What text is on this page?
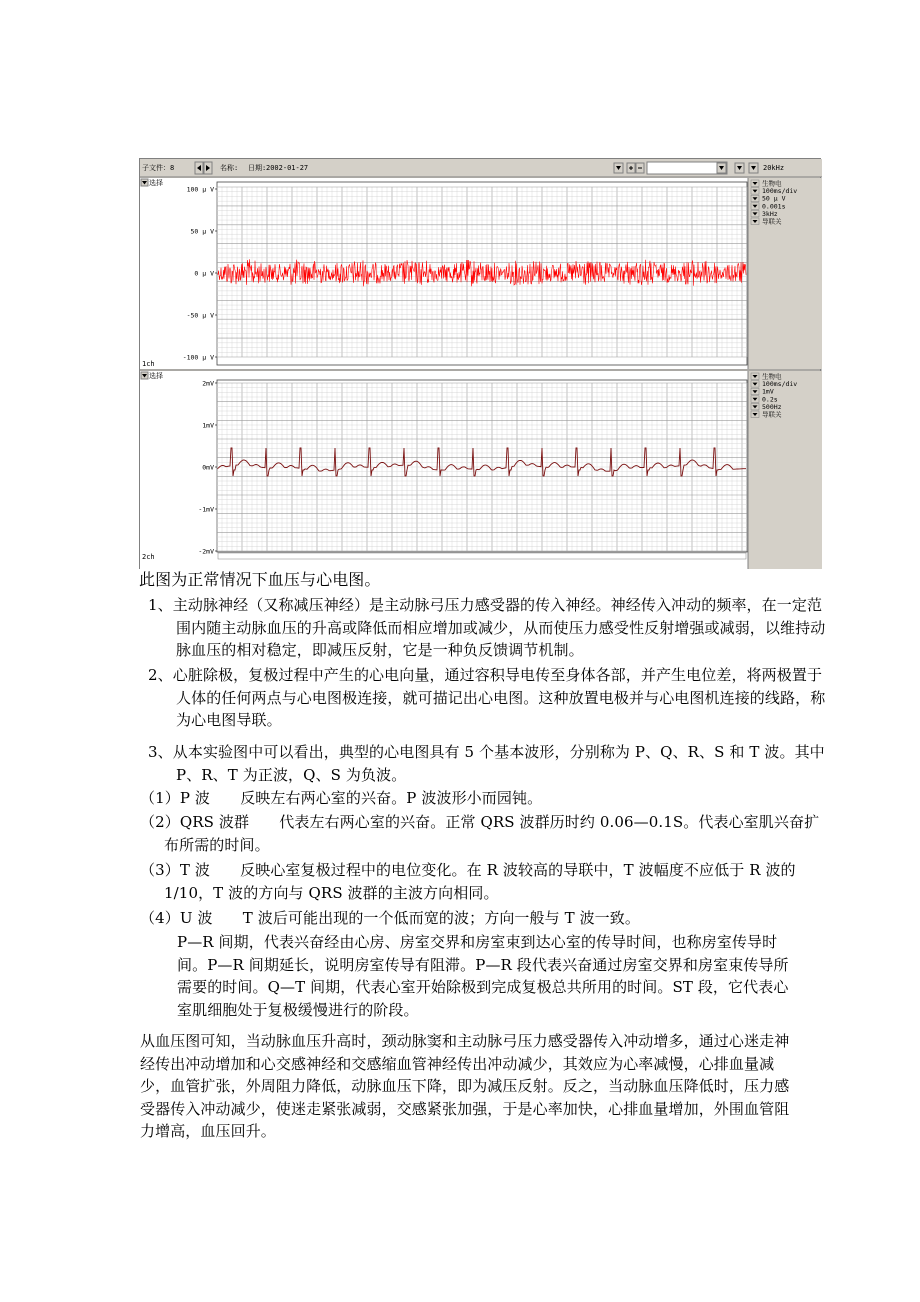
子文件：8	名称: 日期: 2002-01-27	20kHz
选择
1ch
100 μ V
50 μ V
0 μ V
-50 μ V
-100 μ V
生物电
100ms/div
50 μ V
0.001s
3kHz
导联关
选择
2ch
2mV
1mV
0mV
-1mV
-2mV
生物电
100ms/div
1mV
0.2s
500Hz
导联关
此图为正常情况下血压与心电图。
1、主动脉神经（又称减压神经）是主动脉弓压力感受器的传入神经。神经传入冲动的频率，在一定范围内随主动脉血压的升高或降低而相应增加或减少，从而使压力感受性反射增强或减弱，以维持动脉血压的相对稳定，即减压反射，它是一种负反馈调节机制。
2、心脏除极，复极过程中产生的心电向量，通过容积导电传至身体各部，并产生电位差，将两极置于人体的任何两点与心电图极连接，就可描记出心电图。这种放置电极并与心电图机连接的线路，称为心电图导联。
3、从本实验图中可以看出，典型的心电图具有 5 个基本波形，分别称为 P、Q、R、S 和 T 波。其中 P、R、T 为正波，Q、S 为负波。
（1）P 波　　反映左右两心室的兴奋。P 波波形小而园钝。
（2）QRS 波群　　代表左右两心室的兴奋。正常 QRS 波群历时约 0.06—0.1S。代表心室肌兴奋扩布所需的时间。
（3）T 波　　反映心室复极过程中的电位变化。在 R 波较高的导联中，T 波幅度不应低于 R 波的 1/10，T 波的方向与 QRS 波群的主波方向相同。
（4）U 波　　T 波后可能出现的一个低而宽的波；方向一般与 T 波一致。
P—R 间期，代表兴奋经由心房、房室交界和房室束到达心室的传导时间，也称房室传导时间。P—R 间期延长，说明房室传导有阻滞。P—R 段代表兴奋通过房室交界和房室束传导所需要的时间。Q—T 间期，代表心室开始除极到完成复极总共所用的时间。ST 段，它代表心室肌细胞处于复极缓慢进行的阶段。
从血压图可知，当动脉血压升高时，颈动脉窦和主动脉弓压力感受器传入冲动增多，通过心迷走神经传出冲动增加和心交感神经和交感缩血管神经传出冲动减少，其效应为心率减慢，心排血量减少，血管扩张，外周阻力降低，动脉血压下降，即为减压反射。反之，当动脉血压降低时，压力感受器传入冲动减少，使迷走紧张减弱，交感紧张加强，于是心率加快，心排血量增加，外围血管阻力增高，血压回升。
